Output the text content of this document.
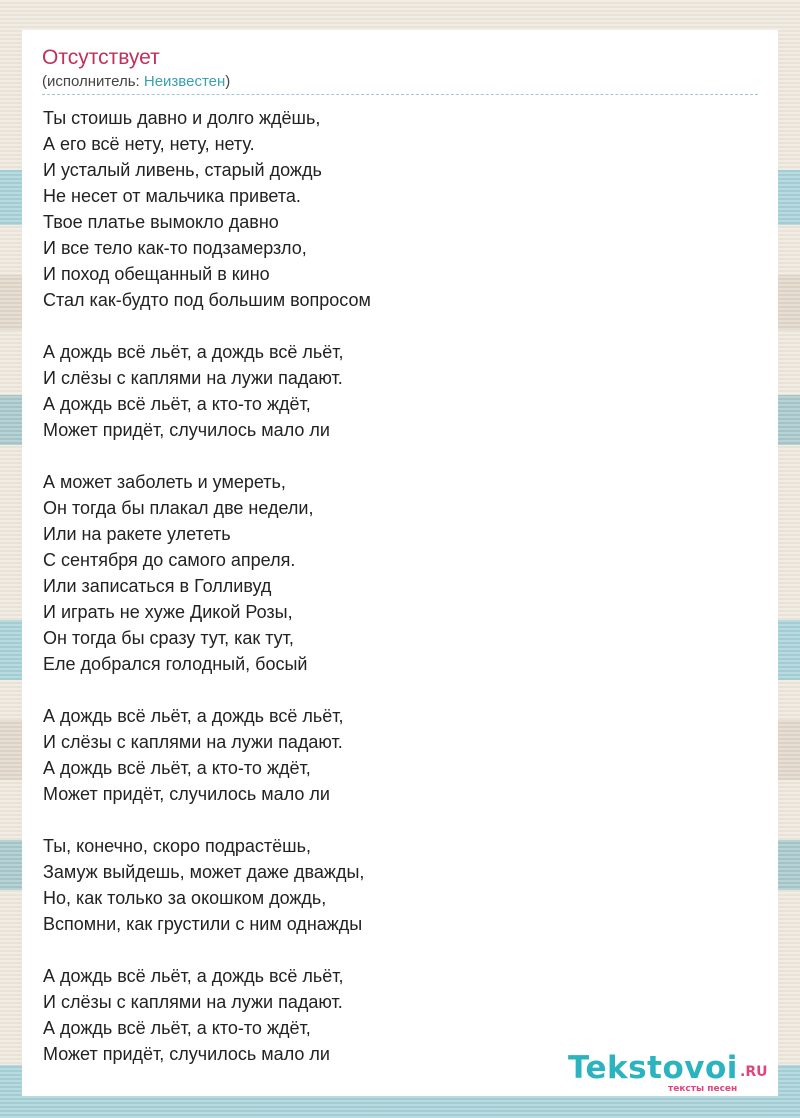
Отсутствует
(исполнитель: Неизвестен)
Ты стоишь давно и долго ждёшь,
А его всё нету, нету, нету.
И усталый ливень, старый дождь
Не несет от мальчика привета.
Твое платье вымокло давно
И все тело как-то подзамерзло,
И поход обещанный в кино
Стал как-будто под большим вопросом
А дождь всё льёт, а дождь всё льёт,
И слёзы с каплями на лужи падают.
А дождь всё льёт, а кто-то ждёт,
Может придёт, случилось мало ли
А может заболеть и умереть,
Он тогда бы плакал две недели,
Или на ракете улететь
С сентября до самого апреля.
Или записаться в Голливуд
И играть не хуже Дикой Розы,
Он тогда бы сразу тут, как тут,
Еле добрался голодный, босый
А дождь всё льёт, а дождь всё льёт,
И слёзы с каплями на лужи падают.
А дождь всё льёт, а кто-то ждёт,
Может придёт, случилось мало ли
Ты, конечно, скоро подрастёшь,
Замуж выйдешь, может даже дважды,
Но, как только за окошком дождь,
Вспомни, как грустили с ним однажды
А дождь всё льёт, а дождь всё льёт,
И слёзы с каплями на лужи падают.
А дождь всё льёт, а кто-то ждёт,
Может придёт, случилось мало ли	Tekstovoi .RU
тексты песен
